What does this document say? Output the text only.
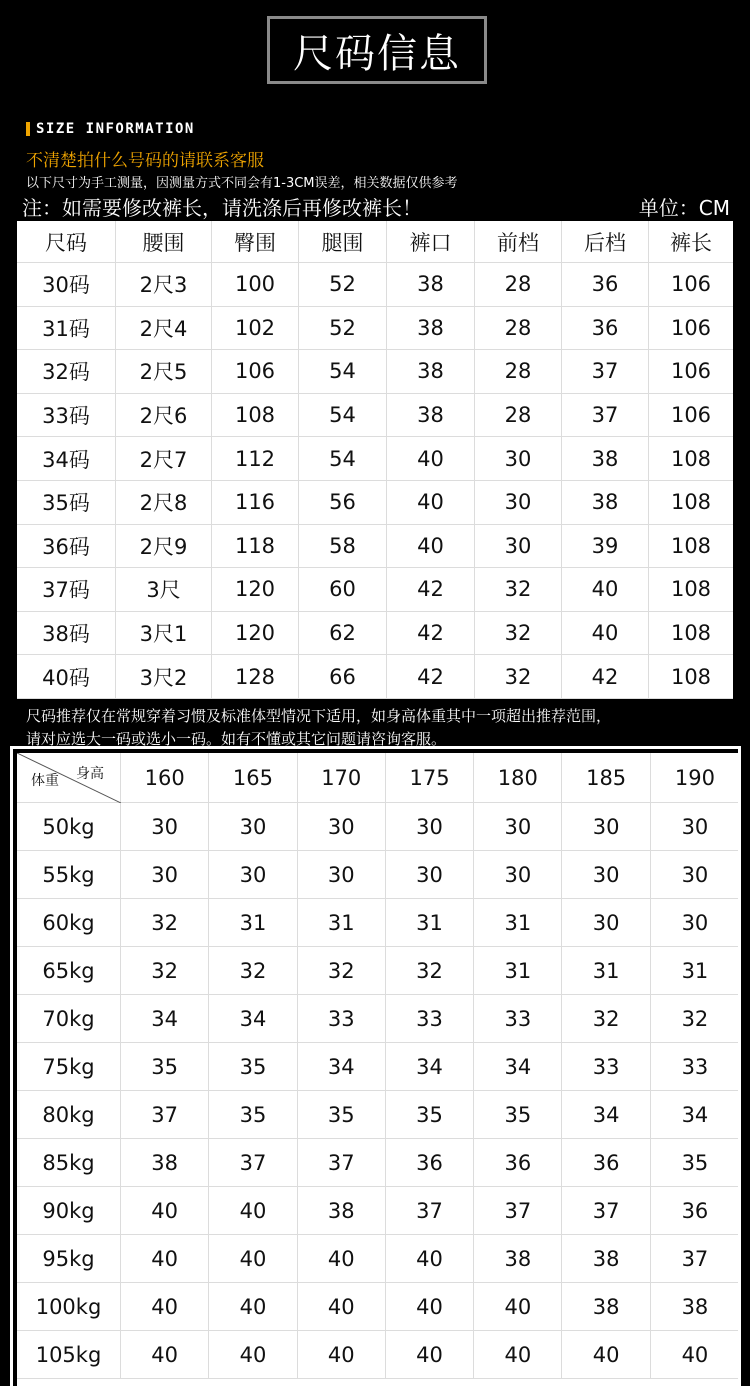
尺码信息
SIZE INFORMATION
不清楚拍什么号码的请联系客服
以下尺寸为手工测量，因测量方式不同会有1-3CM误差，相关数据仅供参考
注：如需要修改裤长，请洗涤后再修改裤长！	单位：CM
尺码	腰围	臀围	腿围	裤口	前档	后档	裤长
30码	2尺3	100	52	38	28	36	106
31码	2尺4	102	52	38	28	36	106
32码	2尺5	106	54	38	28	37	106
33码	2尺6	108	54	38	28	37	106
34码	2尺7	112	54	40	30	38	108
35码	2尺8	116	56	40	30	38	108
36码	2尺9	118	58	40	30	39	108
37码	3尺	120	60	42	32	40	108
38码	3尺1	120	62	42	32	40	108
40码	3尺2	128	66	42	32	42	108
尺码推荐仅在常规穿着习惯及标准体型情况下适用，如身高体重其中一项超出推荐范围，
请对应选大一码或选小一码。如有不懂或其它问题请咨询客服。
身高
体重	160	165	170	175	180	185	190
50kg	30	30	30	30	30	30	30
55kg	30	30	30	30	30	30	30
60kg	32	31	31	31	31	30	30
65kg	32	32	32	32	31	31	31
70kg	34	34	33	33	33	32	32
75kg	35	35	34	34	34	33	33
80kg	37	35	35	35	35	34	34
85kg	38	37	37	36	36	36	35
90kg	40	40	38	37	37	37	36
95kg	40	40	40	40	38	38	37
100kg	40	40	40	40	40	38	38
105kg	40	40	40	40	40	40	40
